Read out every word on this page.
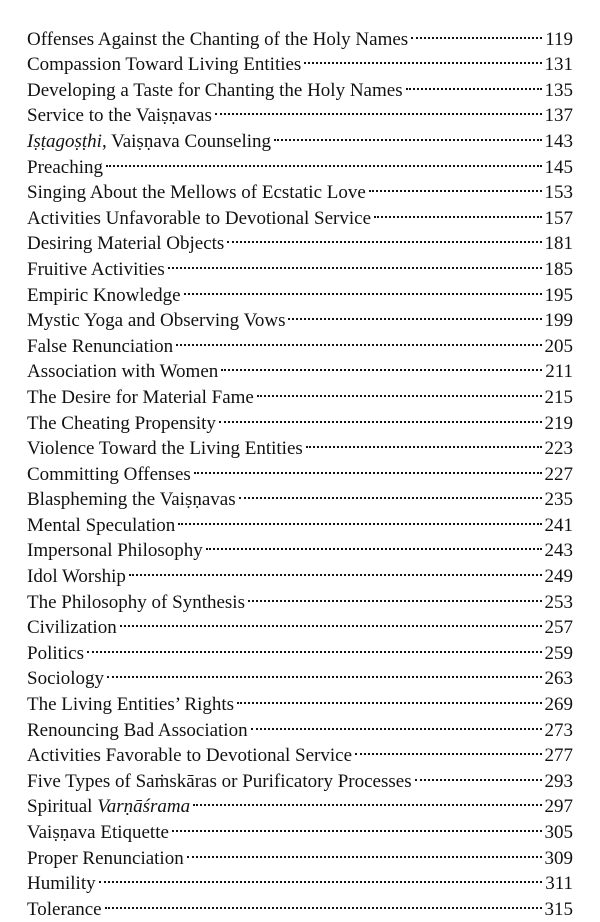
Offenses Against the Chanting of the Holy Names	119
Compassion Toward Living Entities	131
Developing a Taste for Chanting the Holy Names	135
Service to the Vaiṣṇavas	137
Iṣṭagoṣṭhi, Vaiṣṇava Counseling	143
Preaching	145
Singing About the Mellows of Ecstatic Love	153
Activities Unfavorable to Devotional Service	157
Desiring Material Objects	181
Fruitive Activities	185
Empiric Knowledge	195
Mystic Yoga and Observing Vows	199
False Renunciation	205
Association with Women	211
The Desire for Material Fame	215
The Cheating Propensity	219
Violence Toward the Living Entities	223
Committing Offenses	227
Blaspheming the Vaiṣṇavas	235
Mental Speculation	241
Impersonal Philosophy	243
Idol Worship	249
The Philosophy of Synthesis	253
Civilization	257
Politics	259
Sociology	263
The Living Entities’ Rights	269
Renouncing Bad Association	273
Activities Favorable to Devotional Service	277
Five Types of Saṁskāras or Purificatory Processes	293
Spiritual Varṇāśrama	297
Vaiṣṇava Etiquette	305
Proper Renunciation	309
Humility	311
Tolerance	315
